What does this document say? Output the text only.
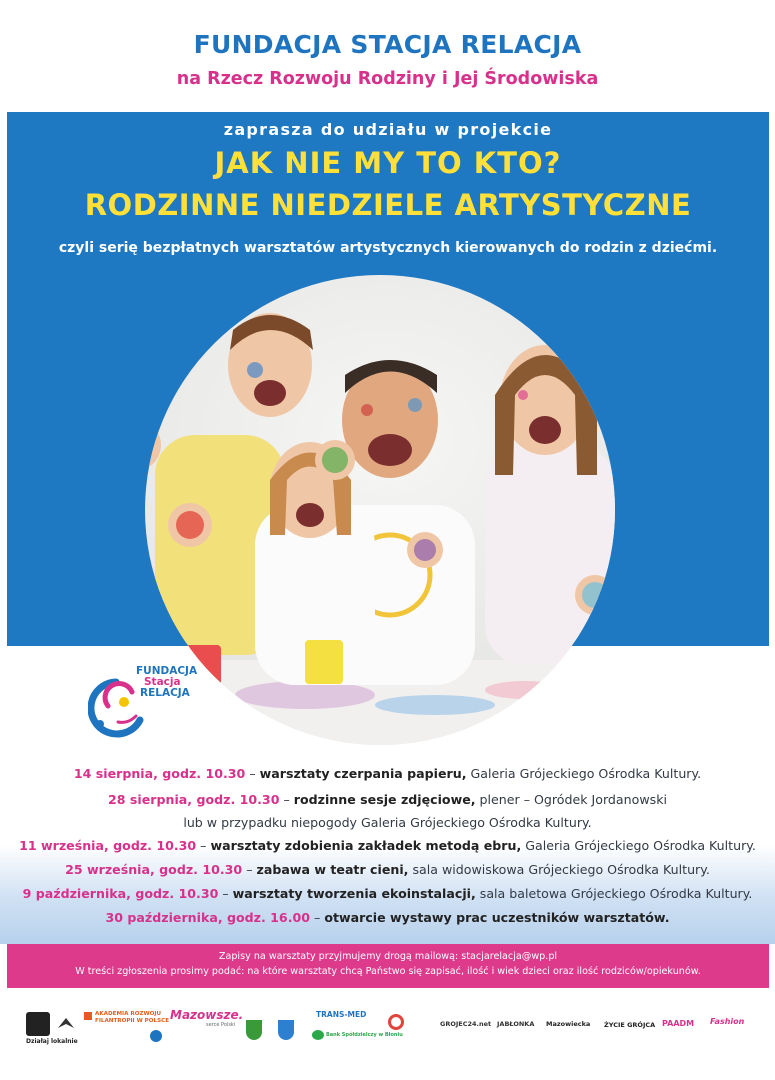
FUNDACJA STACJA RELACJA
na Rzecz Rozwoju Rodziny i Jej Środowiska
zaprasza do udziału w projekcie
JAK NIE MY TO KTO?
RODZINNE NIEDZIELE ARTYSTYCZNE
czyli serię bezpłatnych warsztatów artystycznych kierowanych do rodzin z dziećmi.
FUNDACJA
Stacja
RELACJA
14 sierpnia, godz. 10.30 – warsztaty czerpania papieru, Galeria Grójeckiego Ośrodka Kultury.
28 sierpnia, godz. 10.30 – rodzinne sesje zdjęciowe, plener – Ogródek Jordanowski
lub w przypadku niepogody Galeria Grójeckiego Ośrodka Kultury.
11 września, godz. 10.30 – warsztaty zdobienia zakładek metodą ebru, Galeria Grójeckiego Ośrodka Kultury.
25 września, godz. 10.30 – zabawa w teatr cieni, sala widowiskowa Grójeckiego Ośrodka Kultury.
9 października, godz. 10.30 – warsztaty tworzenia ekoinstalacji, sala baletowa Grójeckiego Ośrodka Kultury.
30 października, godz. 16.00 – otwarcie wystawy prac uczestników warsztatów.
Zapisy na warsztaty przyjmujemy drogą mailową: stacjarelacja@wp.pl
W treści zgłoszenia prosimy podać: na które warsztaty chcą Państwo się zapisać, ilość i wiek dzieci oraz ilość rodziców/opiekunów.
Działaj lokalnie
AKADEMIA ROZWOJU
FILANTROPII W POLSCE Mazowsze.
serce Polski
TRANS-MED
Bank Spółdzielczy w Błoniu
GROJEC24.net JABŁONKA Mazowiecka ŻYCIE GRÓJCA PAADM Fashion
